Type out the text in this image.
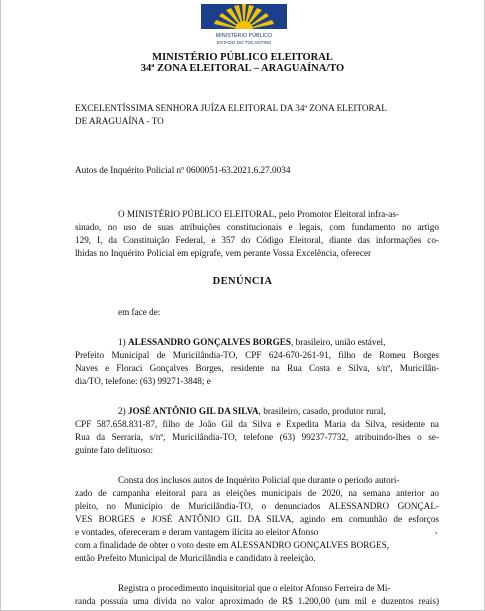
MINISTÉRIO PÚBLICO
ESTADO DO TOCANTINS
MINISTÉRIO PÚBLICO ELEITORAL
34ª ZONA ELEITORAL – ARAGUAÍNA/TO
EXCELENTÍSSIMA SENHORA JUÍZA ELEITORAL DA 34ª ZONA ELEITORAL
DE ARAGUAÍNA - TO
Autos de Inquérito Policial nº 0600051-63.2021.6.27.0034
O MINISTÉRIO PÚBLICO ELEITORAL, pelo Promotor Eleitoral infra-as-
sinado, no uso de suas atribuições constitucionais e legais, com fundamento no artigo
129, I, da Constituição Federal, e 357 do Código Eleitoral, diante das informações co-
lhidas no Inquérito Policial em epígrafe, vem perante Vossa Excelência, oferecer
DENÚNCIA
em face de:
1) ALESSANDRO GONÇALVES BORGES, brasileiro, união estável,
Prefeito Municipal de Muricilândia-TO, CPF 624-670-261-91, filho de Romeu Borges
Naves e Floraci Gonçalves Borges, residente na Rua Costa e Silva, s/nº, Muricilân-
dia/TO, telefone: (63) 99271-3848; e
2) JOSÉ ANTÔNIO GIL DA SILVA, brasileiro, casado, produtor rural,
CPF 587.658.831-87, filho de João Gil da Silva e Expedita Maria da Silva, residente na
Rua da Serraria, s/nº, Muricilândia-TO, telefone (63) 99237-7732, atribuindo-lhes o se-
guinte fato delituoso:
Consta dos inclusos autos de Inquérito Policial que durante o período autori-
zado de campanha eleitoral para as eleições municipais de 2020, na semana anterior ao
pleito, no Município de Muricilândia-TO, o denunciados ALESSANDRO GONÇAL-
VES BORGES e JOSÉ ANTÔNIO GIL DA SILVA, agindo em comunhão de esforços
e vontades, ofereceram e deram vantagem ilícita ao eleitor Afonso	,
com a finalidade de obter o voto deste em ALESSANDRO GONÇALVES BORGES,
então Prefeito Municipal de Muricilândia e candidato à reeleição.
Registra o procedimento inquisitorial que o eleitor Afonso Ferreira de Mi-
randa possuía uma dívida no valor aproximado de R$ 1.200,00 (um mil e duzentos reais)
